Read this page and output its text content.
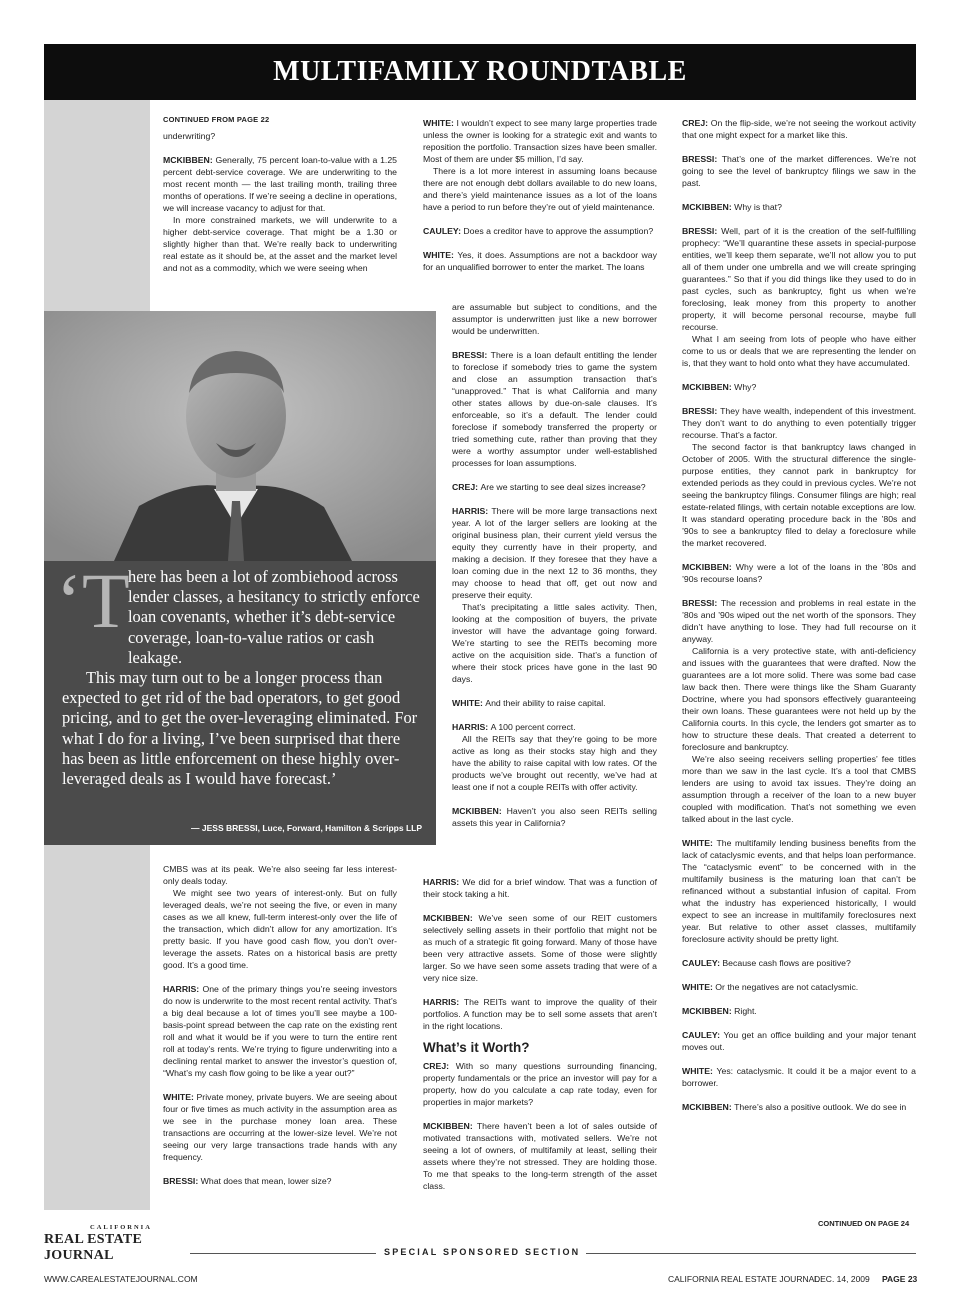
MULTIFAMILY ROUNDTABLE
CONTINUED FROM PAGE 22

underwriting?

MCKIBBEN: Generally, 75 percent loan-to-value with a 1.25 percent debt-service coverage. We are underwriting to the most recent month — the last trailing month, trailing three months of operations. If we’re seeing a decline in operations, we will increase vacancy to adjust for that.

In more constrained markets, we will underwrite to a higher debt-service coverage. That might be a 1.30 or slightly higher than that. We’re really back to underwriting real estate as it should be, at the asset and the market level and not as a commodity, which we were seeing when

‘T
here has been a lot of zombiehood across lender classes, a hesitancy to strictly enforce loan covenants, whether it’s debt-service coverage, loan-to-value ratios or cash leakage.
This may turn out to be a longer process than expected to get rid of the bad operators, to get good pricing, and to get the over-leveraging eliminated. For what I do for a living, I’ve been surprised that there has been as little enforcement on these highly over-leveraged deals as I would have forecast.’
— JESS BRESSI, Luce, Forward, Hamilton & Scripps LLP

CMBS was at its peak. We’re also seeing far less interest-only deals today.

We might see two years of interest-only. But on fully leveraged deals, we’re not seeing the five, or even in many cases as we all knew, full-term interest-only over the life of the transaction, which didn’t allow for any amortization. It’s pretty basic. If you have good cash flow, you don’t over-leverage the assets. Rates on a historical basis are pretty good. It’s a good time.

HARRIS: One of the primary things you’re seeing investors do now is underwrite to the most recent rental activity. That’s a big deal because a lot of times you’ll see maybe a 100-basis-point spread between the cap rate on the existing rent roll and what it would be if you were to turn the entire rent roll at today’s rents. We’re trying to figure underwriting into a declining rental market to answer the investor’s question of, “What’s my cash flow going to be like a year out?”

WHITE: Private money, private buyers. We are seeing about four or five times as much activity in the assumption area as we see in the purchase money loan area. These transactions are occurring at the lower-size level. We’re not seeing our very large transactions trade hands with any frequency.

BRESSI: What does that mean, lower size?

WHITE: I wouldn’t expect to see many large properties trade unless the owner is looking for a strategic exit and wants to reposition the portfolio. Transaction sizes have been smaller. Most of them are under $5 million, I’d say.

There is a lot more interest in assuming loans because there are not enough debt dollars available to do new loans, and there’s yield maintenance issues as a lot of the loans have a period to run before they’re out of yield maintenance.

CAULEY: Does a creditor have to approve the assumption?

WHITE: Yes, it does. Assumptions are not a backdoor way for an unqualified borrower to enter the market. The loans

are assumable but subject to conditions, and the assumptor is underwritten just like a new borrower would be underwritten.

BRESSI: There is a loan default entitling the lender to foreclose if somebody tries to game the system and close an assumption transaction that’s “unapproved.” That is what California and many other states allows by due-on-sale clauses. It’s enforceable, so it’s a default. The lender could foreclose if somebody transferred the property or tried something cute, rather than proving that they were a worthy assumptor under well-established processes for loan assumptions.

CREJ: Are we starting to see deal sizes increase?

HARRIS: There will be more large transactions next year. A lot of the larger sellers are looking at the original business plan, their current yield versus the equity they currently have in their property, and making a decision. If they foresee that they have a loan coming due in the next 12 to 36 months, they may choose to head that off, get out now and preserve their equity.

That’s precipitating a little sales activity. Then, looking at the composition of buyers, the private investor will have the advantage going forward. We’re starting to see the REITs becoming more active on the acquisition side. That’s a function of where their stock prices have gone in the last 90 days.

WHITE: And their ability to raise capital.

HARRIS: A 100 percent correct.

All the REITs say that they’re going to be more active as long as their stocks stay high and they have the ability to raise capital with low rates. Of the products we’ve brought out recently, we’ve had at least one if not a couple REITs with offer activity.

MCKIBBEN: Haven’t you also seen REITs selling assets this year in California?

HARRIS: We did for a brief window. That was a function of their stock taking a hit.

MCKIBBEN: We’ve seen some of our REIT customers selectively selling assets in their portfolio that might not be as much of a strategic fit going forward. Many of those have been very attractive assets. Some of those were slightly larger. So we have seen some assets trading that were of a very nice size.

HARRIS: The REITs want to improve the quality of their portfolios. A function may be to sell some assets that aren’t in the right locations.

What’s it Worth?

CREJ: With so many questions surrounding financing, property fundamentals or the price an investor will pay for a property, how do you calculate a cap rate today, even for properties in major markets?

MCKIBBEN: There haven’t been a lot of sales outside of motivated transactions with, motivated sellers. We’re not seeing a lot of owners, of multifamily at least, selling their assets where they’re not stressed. They are holding those. To me that speaks to the long-term strength of the asset class.

CREJ: On the flip-side, we’re not seeing the workout activity that one might expect for a market like this.

BRESSI: That’s one of the market differences. We’re not going to see the level of bankruptcy filings we saw in the past.

MCKIBBEN: Why is that?

BRESSI: Well, part of it is the creation of the self-fulfilling prophecy: “We’ll quarantine these assets in special-purpose entities, we’ll keep them separate, we’ll not allow you to put all of them under one umbrella and we will create springing guarantees.” So that if you did things like they used to do in past cycles, such as bankruptcy, fight us when we’re foreclosing, leak money from this property to another property, it will become personal recourse, maybe full recourse.

What I am seeing from lots of people who have either come to us or deals that we are representing the lender on is, that they want to hold onto what they have accumulated.

MCKIBBEN: Why?

BRESSI: They have wealth, independent of this investment. They don’t want to do anything to even potentially trigger recourse. That’s a factor.

The second factor is that bankruptcy laws changed in October of 2005. With the structural difference the single-purpose entities, they cannot park in bankruptcy for extended periods as they could in previous cycles. We’re not seeing the bankruptcy filings. Consumer filings are high; real estate-related filings, with certain notable exceptions are low. It was standard operating procedure back in the ’80s and ’90s to see a bankruptcy filed to delay a foreclosure while the market recovered.

MCKIBBEN: Why were a lot of the loans in the ’80s and ’90s recourse loans?

BRESSI: The recession and problems in real estate in the ’80s and ’90s wiped out the net worth of the sponsors. They didn’t have anything to lose. They had full recourse on it anyway.

California is a very protective state, with anti-deficiency and issues with the guarantees that were drafted. Now the guarantees are a lot more solid. There was some bad case law back then. There were things like the Sham Guaranty Doctrine, where you had sponsors effectively guaranteeing their own loans. These guarantees were not held up by the California courts. In this cycle, the lenders got smarter as to how to structure these deals. That created a deterrent to foreclosure and bankruptcy.

We’re also seeing receivers selling properties’ fee titles more than we saw in the last cycle. It’s a tool that CMBS lenders are using to avoid tax issues. They’re doing an assumption through a receiver of the loan to a new buyer coupled with modification. That’s not something we even talked about in the last cycle.

WHITE: The multifamily lending business benefits from the lack of cataclysmic events, and that helps loan performance. The “cataclysmic event” to be concerned with in the multifamily business is the maturing loan that can’t be refinanced without a substantial infusion of capital. From what the industry has experienced historically, I would expect to see an increase in multifamily foreclosures next year. But relative to other asset classes, multifamily foreclosure activity should be pretty light.

CAULEY: Because cash flows are positive?

WHITE: Or the negatives are not cataclysmic.

MCKIBBEN: Right.

CAULEY: You get an office building and your major tenant moves out.

WHITE: Yes: cataclysmic. It could it be a major event to a borrower.

MCKIBBEN: There’s also a positive outlook. We do see in

CONTINUED ON PAGE 24
CALIFORNIA
REAL ESTATE JOURNAL	SPECIAL SPONSORED SECTION
WWW.CAREALESTATEJOURNAL.COM	CALIFORNIA REAL ESTATE JOURNAL
DEC. 14, 2009 PAGE 23
